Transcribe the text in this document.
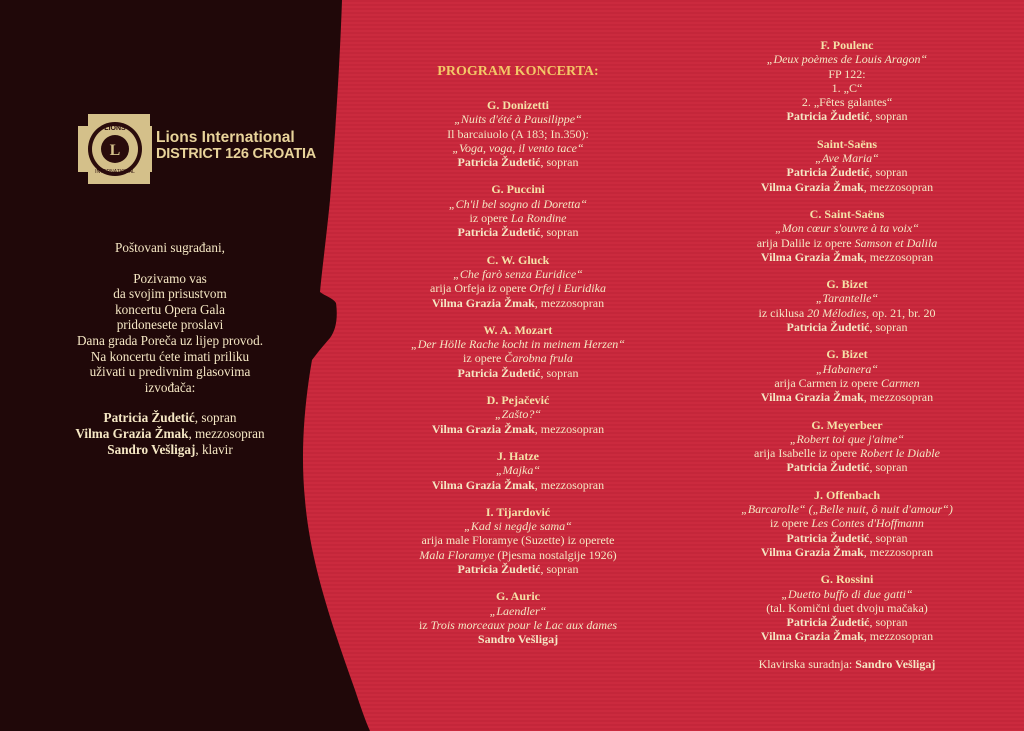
LIONS
L
INTERNATIONAL
Lions International
DISTRICT 126 CROATIA

Poštovani sugrađani,

Pozivamo vas

da svojim prisustvom

koncertu Opera Gala

pridonesete proslavi

Dana grada Poreča uz lijep provod.

Na koncertu ćete imati priliku

uživati u predivnim glasovima

izvođača:

Patricia Žudetić, sopran

Vilma Grazia Žmak, mezzosopran

Sandro Vešligaj, klavir

PROGRAM KONCERTA:
G. Donizetti
„Nuits d'été à Pausilippe“
Il barcaiuolo (A 183; In.350):
„Voga, voga, il vento tace“
Patricia Žudetić, sopran
G. Puccini
„Ch'il bel sogno di Doretta“
iz opere La Rondine
Patricia Žudetić, sopran
C. W. Gluck
„Che farò senza Euridice“
arija Orfeja iz opere Orfej i Euridika
Vilma Grazia Žmak, mezzosopran
W. A. Mozart
„Der Hölle Rache kocht in meinem Herzen“
iz opere Čarobna frula
Patricia Žudetić, sopran
D. Pejačević
„Zašto?“
Vilma Grazia Žmak, mezzosopran
J. Hatze
„Majka“
Vilma Grazia Žmak, mezzosopran
I. Tijardović
„Kad si negdje sama“
arija male Floramye (Suzette) iz operete
Mala Floramye (Pjesma nostalgije 1926)
Patricia Žudetić, sopran
G. Auric
„Laendler“
iz Trois morceaux pour le Lac aux dames
Sandro Vešligaj
F. Poulenc
„Deux poèmes de Louis Aragon“
FP 122:
1. „C“
2. „Fêtes galantes“
Patricia Žudetić, sopran
Saint-Saëns
„Ave Maria“
Patricia Žudetić, sopran
Vilma Grazia Žmak, mezzosopran
C. Saint-Saëns
„Mon cœur s'ouvre à ta voix“
arija Dalile iz opere Samson et Dalila
Vilma Grazia Žmak, mezzosopran
G. Bizet
„Tarantelle“
iz ciklusa 20 Mélodies, op. 21, br. 20
Patricia Žudetić, sopran
G. Bizet
„Habanera“
arija Carmen iz opere Carmen
Vilma Grazia Žmak, mezzosopran
G. Meyerbeer
„Robert toi que j'aime“
arija Isabelle iz opere Robert le Diable
Patricia Žudetić, sopran
J. Offenbach
„Barcarolle“ („Belle nuit, ô nuit d'amour“)
iz opere Les Contes d'Hoffmann
Patricia Žudetić, sopran
Vilma Grazia Žmak, mezzosopran
G. Rossini
„Duetto buffo di due gatti“
(tal. Komični duet dvoju mačaka)
Patricia Žudetić, sopran
Vilma Grazia Žmak, mezzosopran
Klavirska suradnja: Sandro Vešligaj
